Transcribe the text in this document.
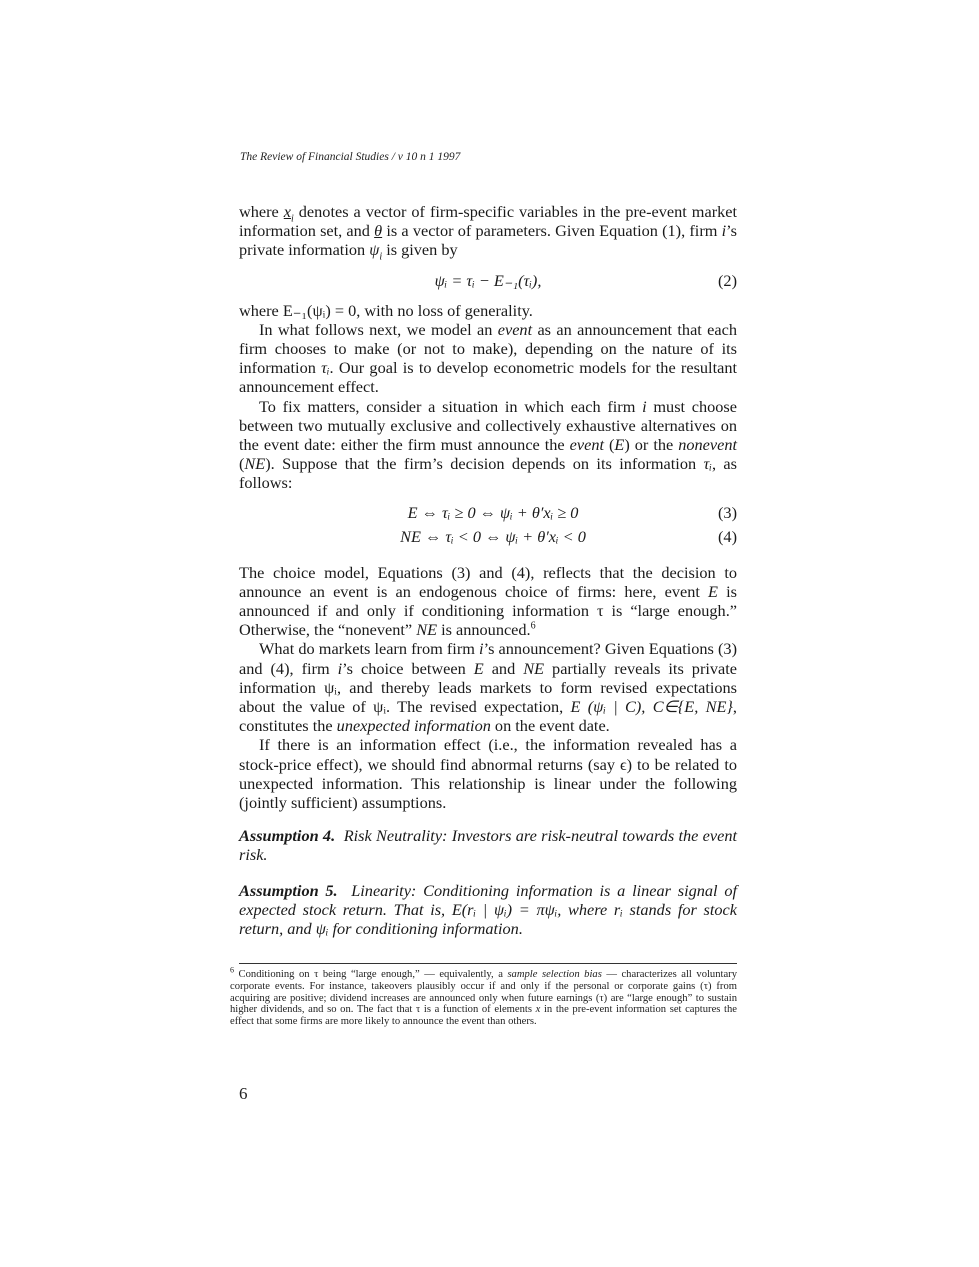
The Review of Financial Studies / v 10 n 1 1997

where $x_i$ denotes a vector of firm-specific variables in the pre-event market information set, and θ is a vector of parameters. Given Equation (1), firm i’s private information $\psi_i$ is given by

ψᵢ = τᵢ − E₋₁(τᵢ),	(2)

where E₋₁(ψᵢ) = 0, with no loss of generality.

In what follows next, we model an event as an announcement that each firm chooses to make (or not to make), depending on the nature of its information τᵢ. Our goal is to develop econometric models for the resultant announcement effect.

To fix matters, consider a situation in which each firm i must choose between two mutually exclusive and collectively exhaustive alternatives on the event date: either the firm must announce the event (E) or the nonevent (NE). Suppose that the firm’s decision depends on its information τᵢ, as follows:

E ⇔ τᵢ ≥ 0 ⇔ ψᵢ + θ′xᵢ ≥ 0	(3)
NE ⇔ τᵢ < 0 ⇔ ψᵢ + θ′xᵢ < 0	(4)

The choice model, Equations (3) and (4), reflects that the decision to announce an event is an endogenous choice of firms: here, event E is announced if and only if conditioning information τ is “large enough.” Otherwise, the “nonevent” NE is announced.$^6$

What do markets learn from firm i’s announcement? Given Equations (3) and (4), firm i’s choice between E and NE partially reveals its private information ψᵢ, and thereby leads markets to form revised expectations about the value of ψᵢ. The revised expectation, E (ψᵢ | C), C∈{E, NE}, constitutes the unexpected information on the event date.

If there is an information effect (i.e., the information revealed has a stock-price effect), we should find abnormal returns (say ϵ) to be related to unexpected information. This relationship is linear under the following (jointly sufficient) assumptions.

Assumption 4. Risk Neutrality: Investors are risk-neutral towards the event risk.

Assumption 5. Linearity: Conditioning information is a linear signal of expected stock return. That is, E(rᵢ | ψᵢ) = πψᵢ, where rᵢ stands for stock return, and ψᵢ for conditioning information.

$^6$ Conditioning on τ being “large enough,” — equivalently, a sample selection bias — characterizes all voluntary corporate events. For instance, takeovers plausibly occur if and only if the personal or corporate gains (τ) from acquiring are positive; dividend increases are announced only when future earnings (τ) are “large enough” to sustain higher dividends, and so on. The fact that τ is a function of elements x in the pre-event information set captures the effect that some firms are more likely to announce the event than others.
6
